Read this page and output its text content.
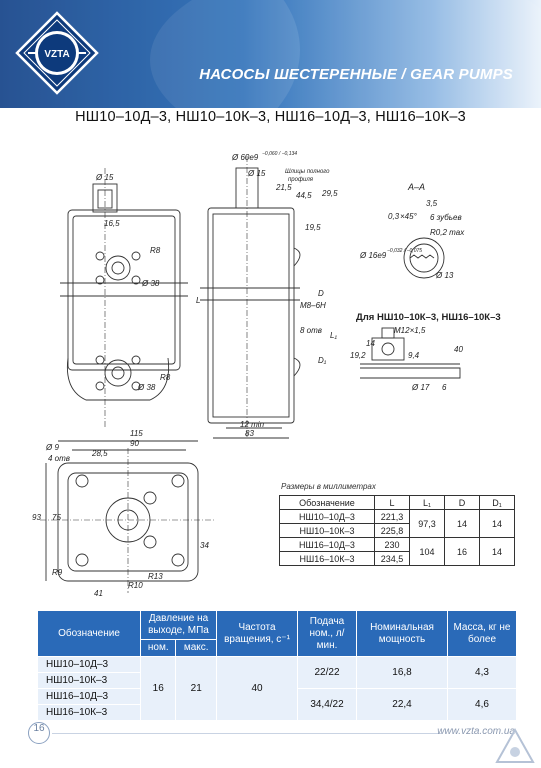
VZTA
НАСОСЫ ШЕСТЕРЕННЫЕ / GEAR PUMPS
НШ10–10Д–3, НШ10–10К–3, НШ16–10Д–3, НШ16–10К–3
Ø 60е9 −0,060 / −0,134
Ø 15	Шлицы полного
профиля
Ø 15
29,5
21,5
44,5
19,5
А–А
3,5
0,3 ×45° 6 зубьев
R0,2 max
Ø 16е9 −0,032 / −0,075
Ø 13
Для НШ10–10К–3, НШ16–10К–3
М12×1,5
14
9,4
19,2
40
6
Ø 17
М8–6Н
8 отв
L₁
D
D₁
L
12 min
83
16,5
R8
Ø 38
Ø 38
R8
115
90
28,5
Ø 9
4 отв
93 75
34
41
R9
R10
R13
Размеры в миллиметрах
Обозначение	L	L₁	D	D₁
НШ10–10Д–3	221,3	97,3	14	14
НШ10–10К–3	225,8			
НШ16–10Д–3	230	104	16	14
НШ16–10К–3	234,5			
Обозначение	Давление на выходе, МПа		Частота вращения, с⁻¹	Подача ном., л/мин.	Номинальная мощность	Масса, кг не более
	ном.	макс.				
НШ10–10Д–3	16	21	40	22/22	16,8	4,3
НШ10–10К–3						
НШ16–10Д–3				34,4/22	22,4	4,6
НШ16–10К–3						
16	www.vzta.com.ua
